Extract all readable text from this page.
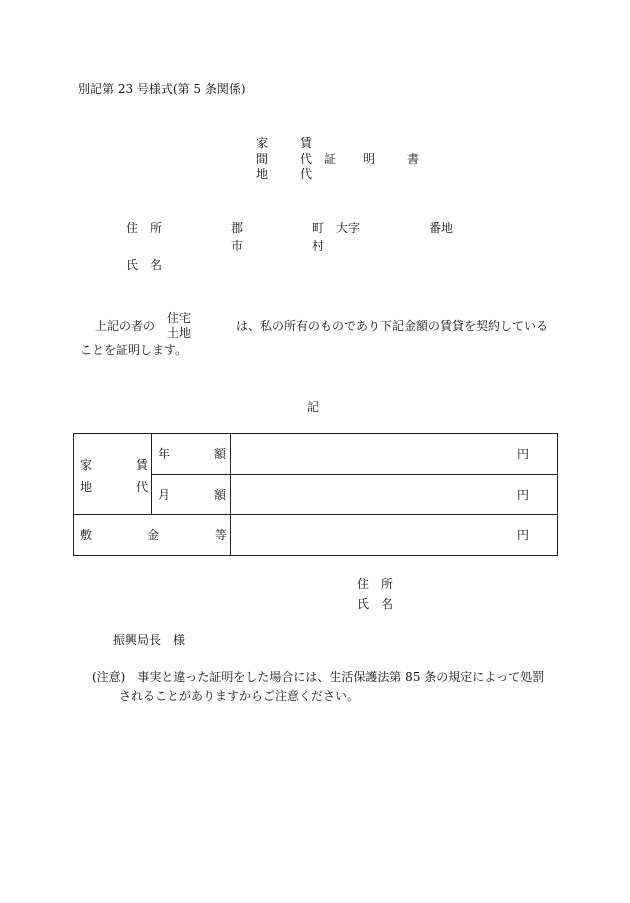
別記第 23 号様式(第 5 条関係)
家	賃
間	代 証 明	書
地	代
住　所	郡	町 大字	番地
市	村
氏　名
上記の者の
住宅
土地	は、私の所有のものであり下記金額の賃貸を契約している
ことを証明します。
記
家 賃
地 代	年 額	円

	月 額	円

敷 金 等		円
住　所
氏　名
振興局長　様
(注意)　事実と違った証明をした場合には、生活保護法第 85 条の規定によって処罰
されることがありますからご注意ください。
